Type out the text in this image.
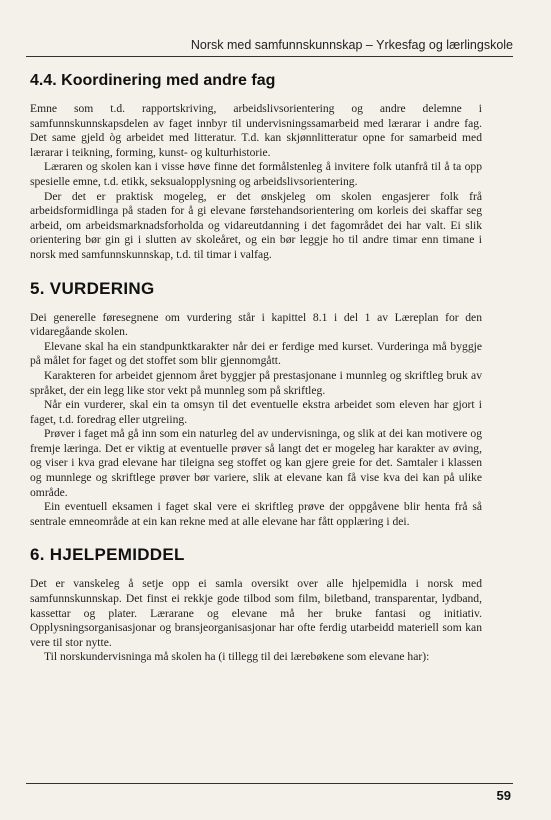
Norsk med samfunnskunnskap – Yrkesfag og lærlingskole
4.4. Koordinering med andre fag

Emne som t.d. rapportskriving, arbeidslivsorientering og andre delemne i samfunnskunnskapsdelen av faget innbyr til undervisningssamarbeid med lærarar i andre fag. Det same gjeld òg arbeidet med litteratur. T.d. kan skjønnlitteratur opne for samarbeid med lærarar i teikning, forming, kunst- og kulturhistorie.

Læraren og skolen kan i visse høve finne det formålstenleg å invitere folk utanfrå til å ta opp spesielle emne, t.d. etikk, seksualopplysning og arbeidslivsorientering.

Der det er praktisk mogeleg, er det ønskjeleg om skolen engasjerer folk frå arbeidsformidlinga på staden for å gi elevane førstehandsorientering om korleis dei skaffar seg arbeid, om arbeidsmarknadsforholda og vidareutdanning i det fagområdet dei har valt. Ei slik orientering bør gin gi i slutten av skoleåret, og ein bør leggje ho til andre timar enn timane i norsk med samfunnskunnskap, t.d. til timar i valfag.

5. VURDERING

Dei generelle føresegnene om vurdering står i kapittel 8.1 i del 1 av Læreplan for den vidaregåande skolen.

Elevane skal ha ein standpunktkarakter når dei er ferdige med kurset. Vurderinga må byggje på målet for faget og det stoffet som blir gjennomgått.

Karakteren for arbeidet gjennom året byggjer på prestasjonane i munnleg og skriftleg bruk av språket, der ein legg like stor vekt på munnleg som på skriftleg.

Når ein vurderer, skal ein ta omsyn til det eventuelle ekstra arbeidet som eleven har gjort i faget, t.d. foredrag eller utgreiing.

Prøver i faget må gå inn som ein naturleg del av undervisninga, og slik at dei kan motivere og fremje læringa. Det er viktig at eventuelle prøver så langt det er mogeleg har karakter av øving, og viser i kva grad elevane har tileigna seg stoffet og kan gjere greie for det. Samtaler i klassen og munnlege og skriftlege prøver bør variere, slik at elevane kan få vise kva dei kan på ulike område.

Ein eventuell eksamen i faget skal vere ei skriftleg prøve der oppgåvene blir henta frå så sentrale emneområde at ein kan rekne med at alle elevane har fått opplæring i dei.

6. HJELPEMIDDEL

Det er vanskeleg å setje opp ei samla oversikt over alle hjelpemidla i norsk med samfunnskunnskap. Det finst ei rekkje gode tilbod som film, biletband, transparentar, lydband, kassettar og plater. Lærarane og elevane må her bruke fantasi og initiativ. Opplysningsorganisasjonar og bransjeorganisasjonar har ofte ferdig utarbeidd materiell som kan vere til stor nytte.

Til norskundervisninga må skolen ha (i tillegg til dei lærebøkene som elevane har):

59
